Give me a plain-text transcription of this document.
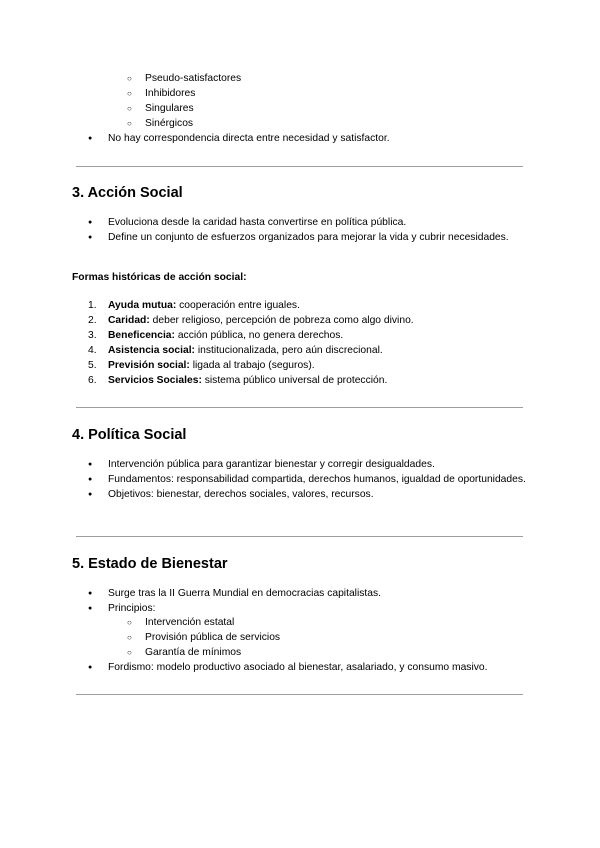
○ Pseudo-satisfactores
○ Inhibidores
○ Singulares
○ Sinérgicos
● No hay correspondencia directa entre necesidad y satisfactor.
3. Acción Social
● Evoluciona desde la caridad hasta convertirse en política pública.
● Define un conjunto de esfuerzos organizados para mejorar la vida y cubrir necesidades.
Formas históricas de acción social:
1. Ayuda mutua: cooperación entre iguales.
2. Caridad: deber religioso, percepción de pobreza como algo divino.
3. Beneficencia: acción pública, no genera derechos.
4. Asistencia social: institucionalizada, pero aún discrecional.
5. Previsión social: ligada al trabajo (seguros).
6. Servicios Sociales: sistema público universal de protección.
4. Política Social
● Intervención pública para garantizar bienestar y corregir desigualdades.
● Fundamentos: responsabilidad compartida, derechos humanos, igualdad de oportunidades.
● Objetivos: bienestar, derechos sociales, valores, recursos.
5. Estado de Bienestar
● Surge tras la II Guerra Mundial en democracias capitalistas.
● Principios:
○ Intervención estatal
○ Provisión pública de servicios
○ Garantía de mínimos
● Fordismo: modelo productivo asociado al bienestar, asalariado, y consumo masivo.
